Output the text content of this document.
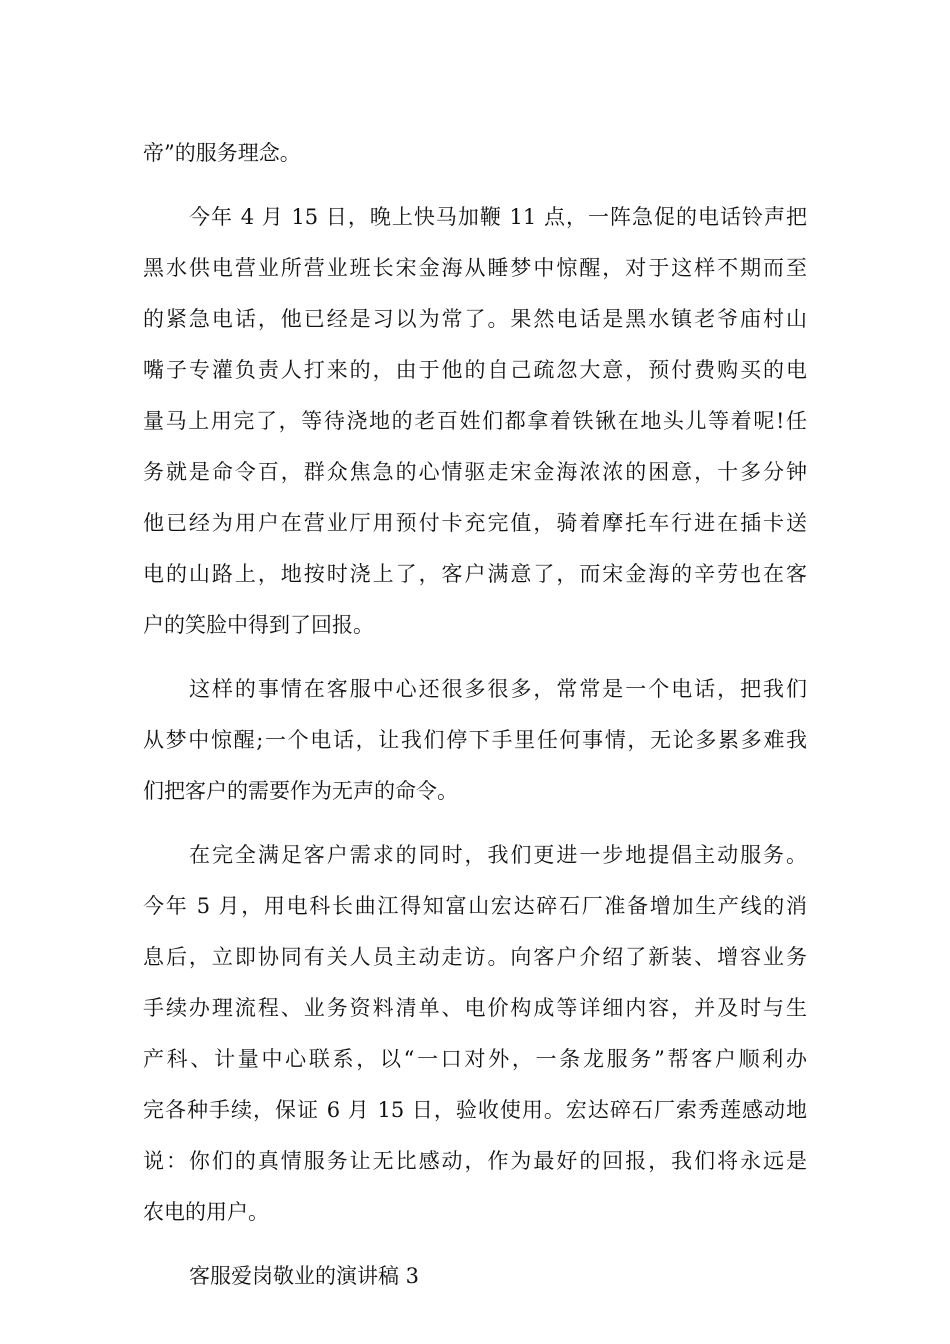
帝”的服务理念。
今年 4 月 15 日，晚上快马加鞭 11 点，一阵急促的电话铃声把
黑水供电营业所营业班长宋金海从睡梦中惊醒，对于这样不期而至
的紧急电话，他已经是习以为常了。果然电话是黑水镇老爷庙村山
嘴子专灌负责人打来的，由于他的自己疏忽大意，预付费购买的电
量马上用完了，等待浇地的老百姓们都拿着铁锹在地头儿等着呢!任
务就是命令百，群众焦急的心情驱走宋金海浓浓的困意，十多分钟
他已经为用户在营业厅用预付卡充完值，骑着摩托车行进在插卡送
电的山路上，地按时浇上了，客户满意了，而宋金海的辛劳也在客
户的笑脸中得到了回报。
这样的事情在客服中心还很多很多，常常是一个电话，把我们
从梦中惊醒;一个电话，让我们停下手里任何事情，无论多累多难我
们把客户的需要作为无声的命令。
在完全满足客户需求的同时，我们更进一步地提倡主动服务。
今年 5 月，用电科长曲江得知富山宏达碎石厂准备增加生产线的消
息后，立即协同有关人员主动走访。向客户介绍了新装、增容业务
手续办理流程、业务资料清单、电价构成等详细内容，并及时与生
产科、计量中心联系，以“一口对外，一条龙服务”帮客户顺利办
完各种手续，保证 6 月 15 日，验收使用。宏达碎石厂索秀莲感动地
说：你们的真情服务让无比感动，作为最好的回报，我们将永远是
农电的用户。
客服爱岗敬业的演讲稿 3
